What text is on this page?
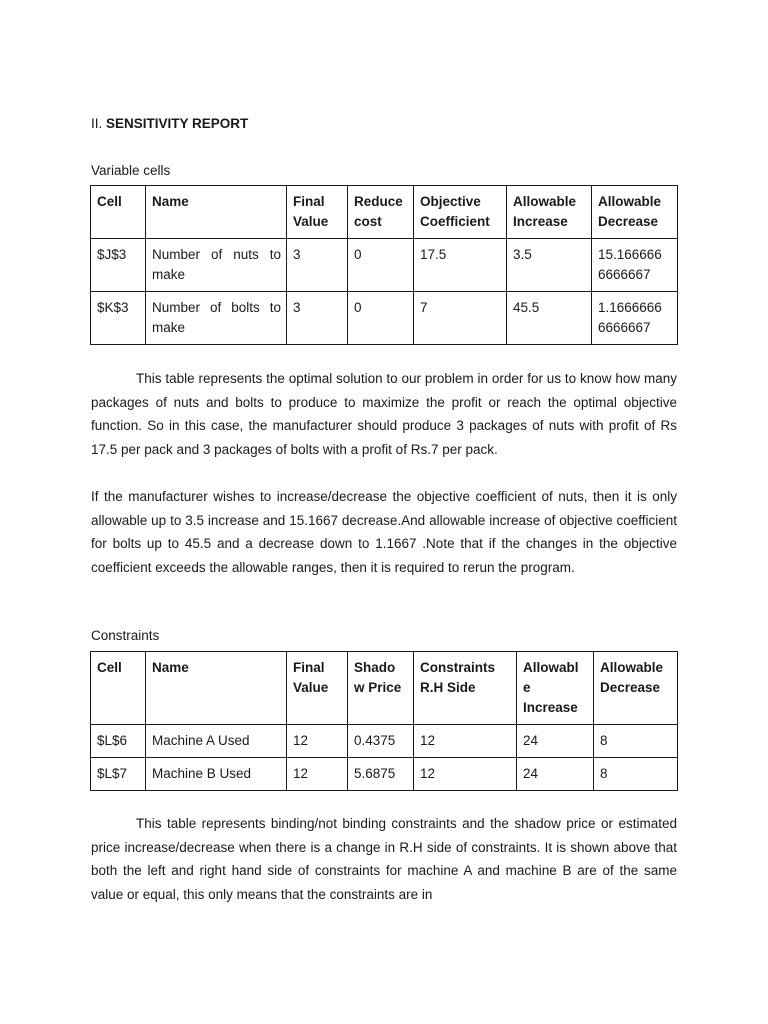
II. SENSITIVITY REPORT
Variable cells
Cell	Name	Final Value	Reduce cost	Objective Coefficient	Allowable Increase	Allowable Decrease
$J$3	Number of nuts to make	3	0	17.5	3.5	15.166666 6666667
$K$3	Number of bolts to make	3	0	7	45.5	1.1666666 6666667

This table represents the optimal solution to our problem in order for us to know how many packages of nuts and bolts to produce to maximize the profit or reach the optimal objective function. So in this case, the manufacturer should produce 3 packages of nuts with profit of Rs 17.5 per pack and 3 packages of bolts with a profit of Rs.7 per pack.

If the manufacturer wishes to increase/decrease the objective coefficient of nuts, then it is only allowable up to 3.5 increase and 15.1667 decrease.And allowable increase of objective coefficient for bolts up to 45.5 and a decrease down to 1.1667 .Note that if the changes in the objective coefficient exceeds the allowable ranges, then it is required to rerun the program.

Constraints
Cell	Name	Final Value	Shado w Price	Constraints R.H Side	Allowabl e Increase	Allowable Decrease
$L$6	Machine A Used	12	0.4375	12	24	8
$L$7	Machine B Used	12	5.6875	12	24	8

This table represents binding/not binding constraints and the shadow price or estimated price increase/decrease when there is a change in R.H side of constraints. It is shown above that both the left and right hand side of constraints for machine A and machine B are of the same value or equal, this only means that the constraints are in
